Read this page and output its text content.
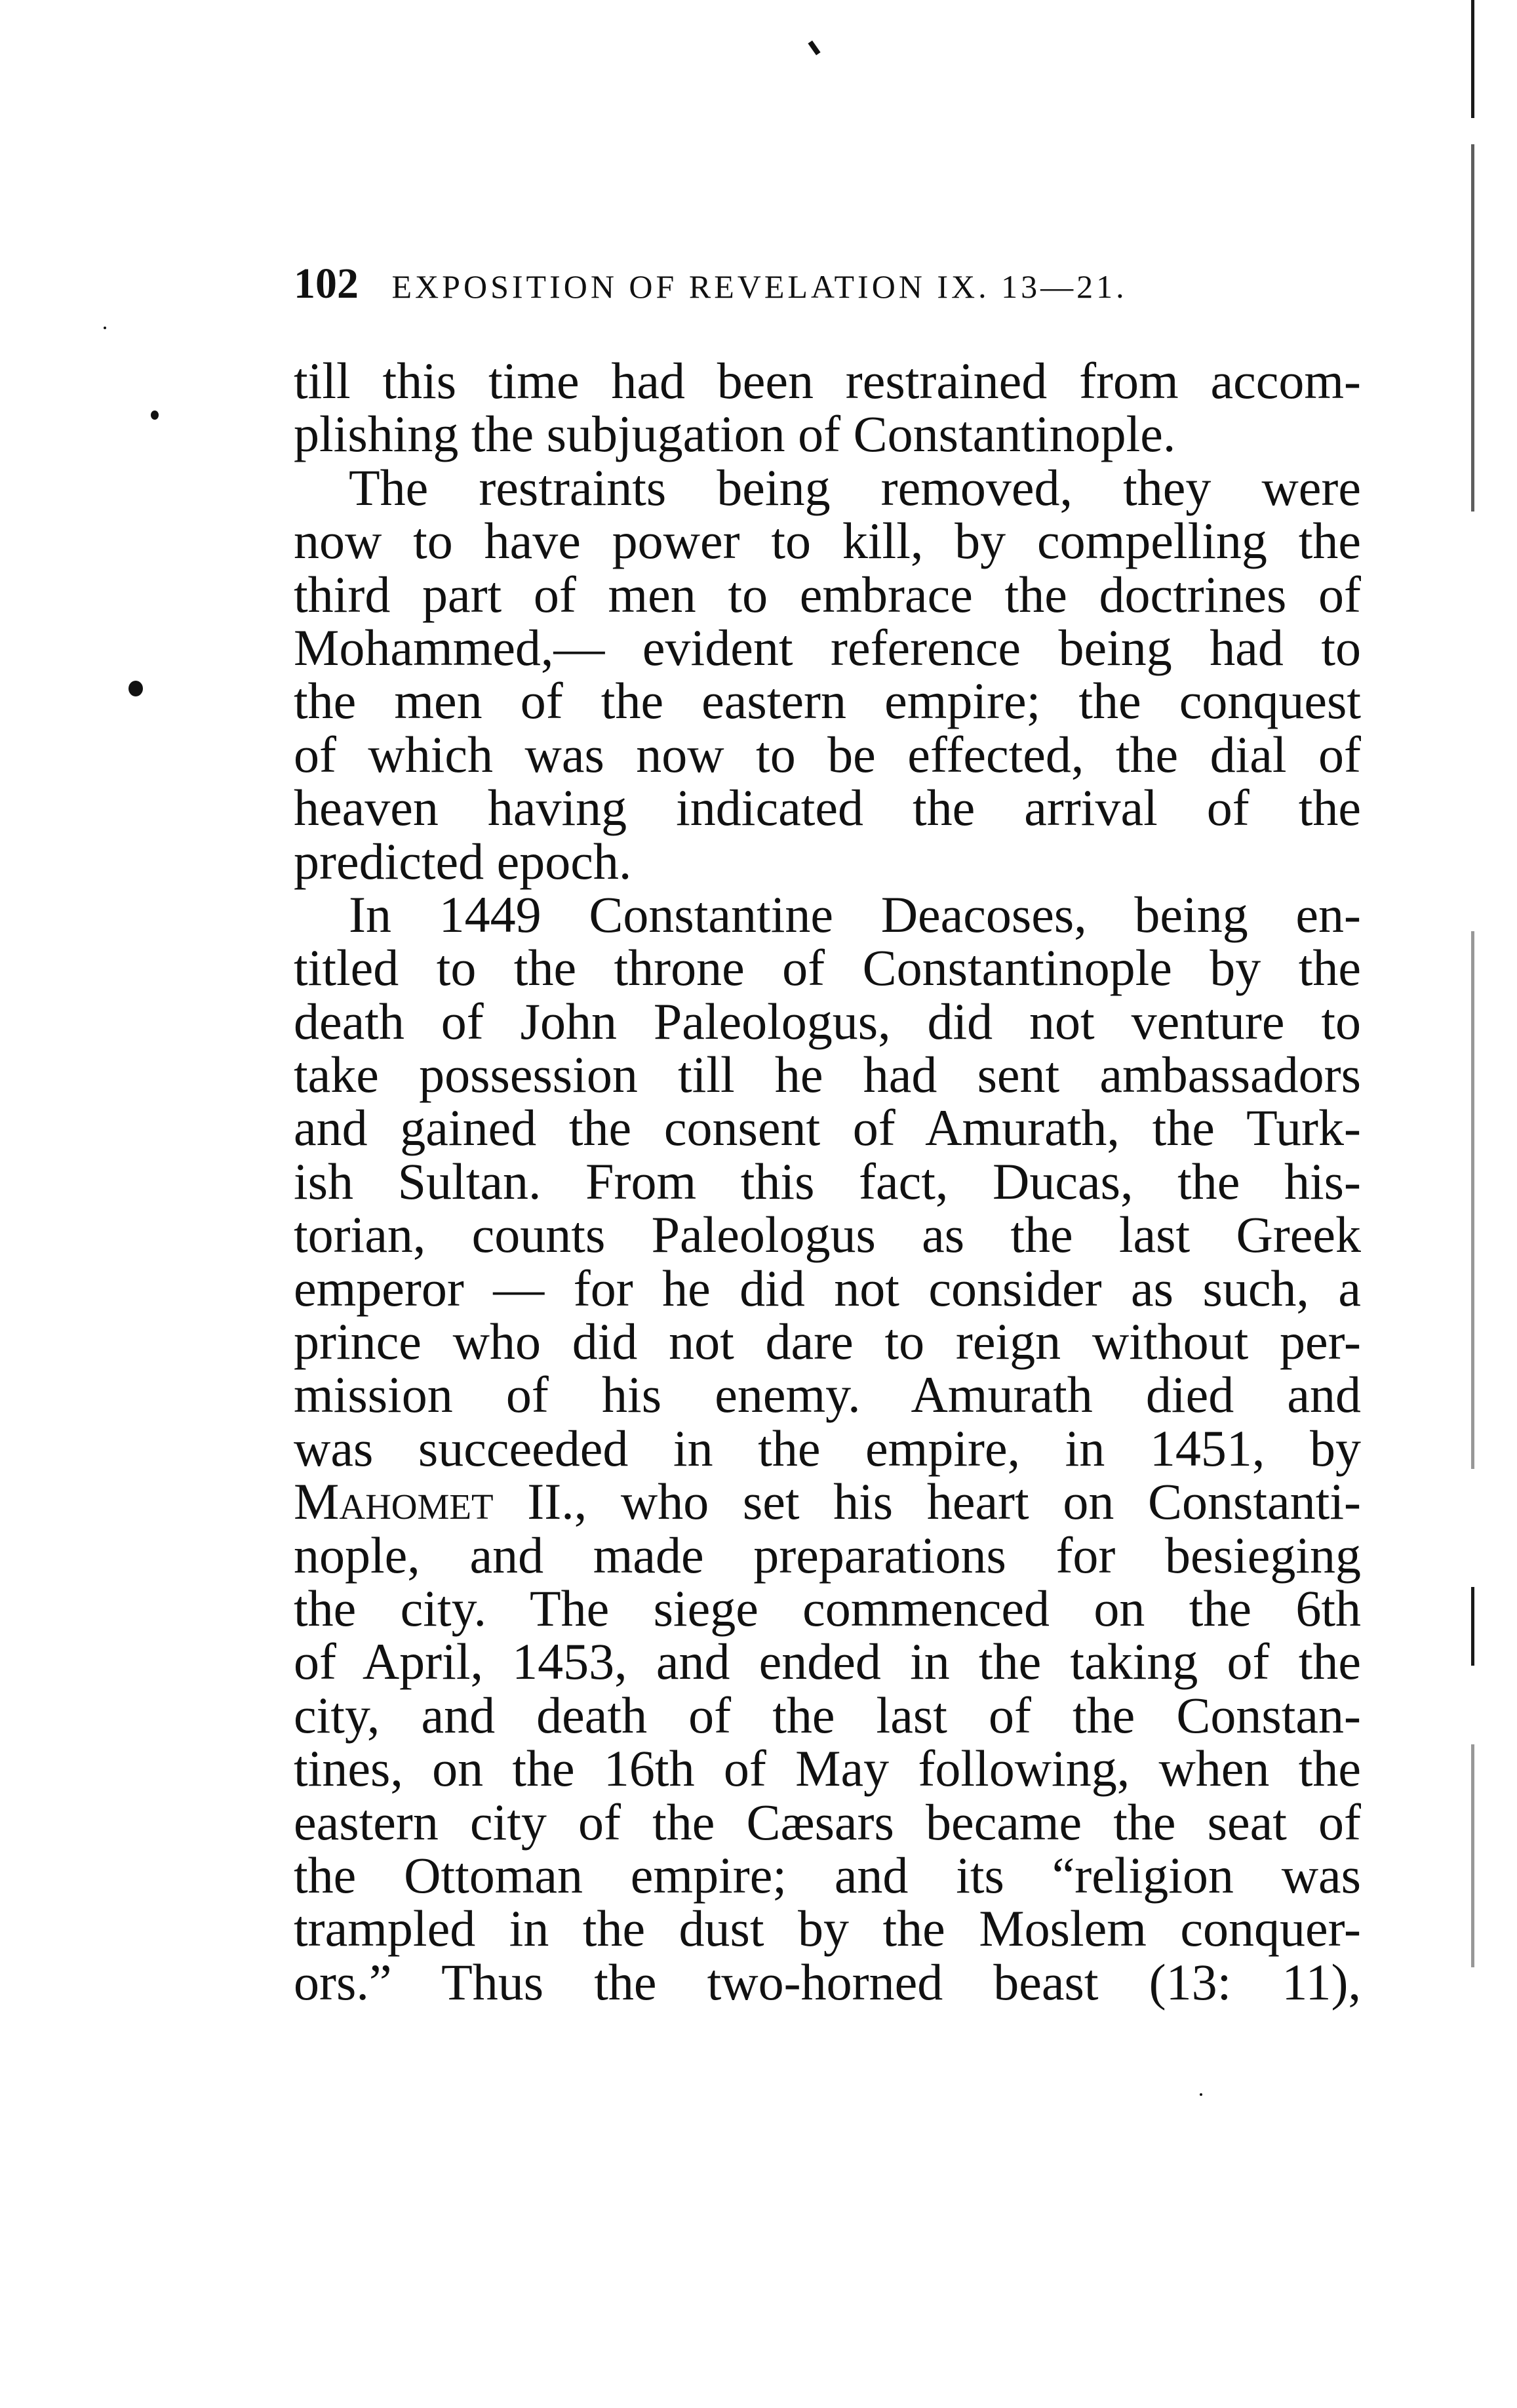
102 EXPOSITION OF REVELATION IX. 13—21.
till this time had been restrained from accom-
plishing the subjugation of Constantinople.
The restraints being removed, they were
now to have power to kill, by compelling the
third part of men to embrace the doctrines of
Mohammed,— evident reference being had to
the men of the eastern empire; the conquest
of which was now to be effected, the dial of
heaven having indicated the arrival of the
predicted epoch.
In 1449 Constantine Deacoses, being en-
titled to the throne of Constantinople by the
death of John Paleologus, did not venture to
take possession till he had sent ambassadors
and gained the consent of Amurath, the Turk-
ish Sultan. From this fact, Ducas, the his-
torian, counts Paleologus as the last Greek
emperor — for he did not consider as such, a
prince who did not dare to reign without per-
mission of his enemy. Amurath died and
was succeeded in the empire, in 1451, by
Mahomet II., who set his heart on Constanti-
nople, and made preparations for besieging
the city. The siege commenced on the 6th
of April, 1453, and ended in the taking of the
city, and death of the last of the Constan-
tines, on the 16th of May following, when the
eastern city of the Cæsars became the seat of
the Ottoman empire; and its “religion was
trampled in the dust by the Moslem conquer-
ors.” Thus the two-horned beast (13: 11),
